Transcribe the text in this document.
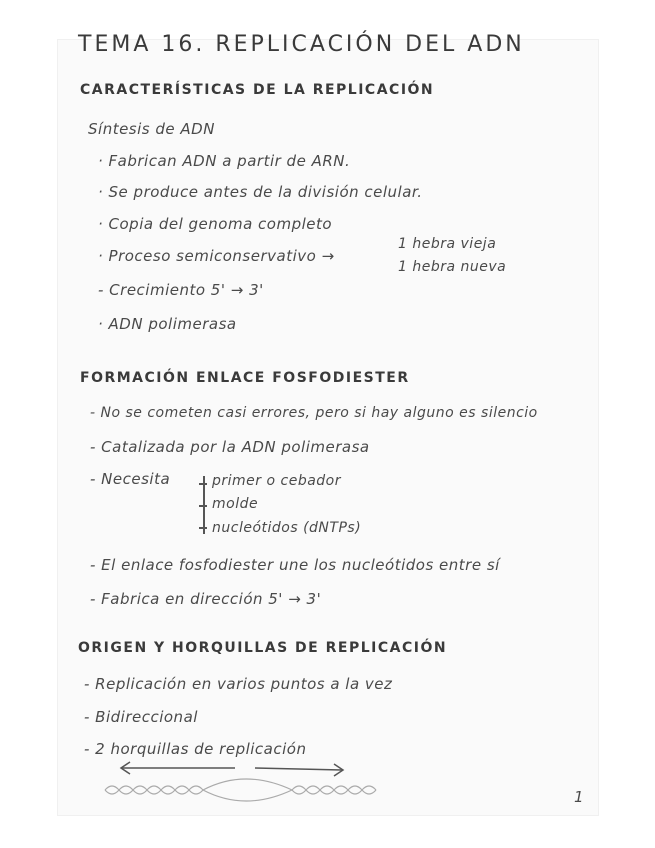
TEMA 16. REPLICACIÓN DEL ADN
CARACTERÍSTICAS DE LA REPLICACIÓN
Síntesis de ADN
· Fabrican ADN a partir de ARN.
· Se produce antes de la división celular.
· Copia del genoma completo
· Proceso semiconservativo →
1 hebra vieja
1 hebra nueva
- Crecimiento 5' → 3'
· ADN polimerasa
FORMACIÓN ENLACE FOSFODIESTER
- No se cometen casi errores, pero si hay alguno es silencio
- Catalizada por la ADN polimerasa
- Necesita	primer o cebador
molde
nucleótidos (dNTPs)
- El enlace fosfodiester une los nucleótidos entre sí
- Fabrica en dirección 5' → 3'
ORIGEN Y HORQUILLAS DE REPLICACIÓN
- Replicación en varios puntos a la vez
- Bidireccional
- 2 horquillas de replicación
1
